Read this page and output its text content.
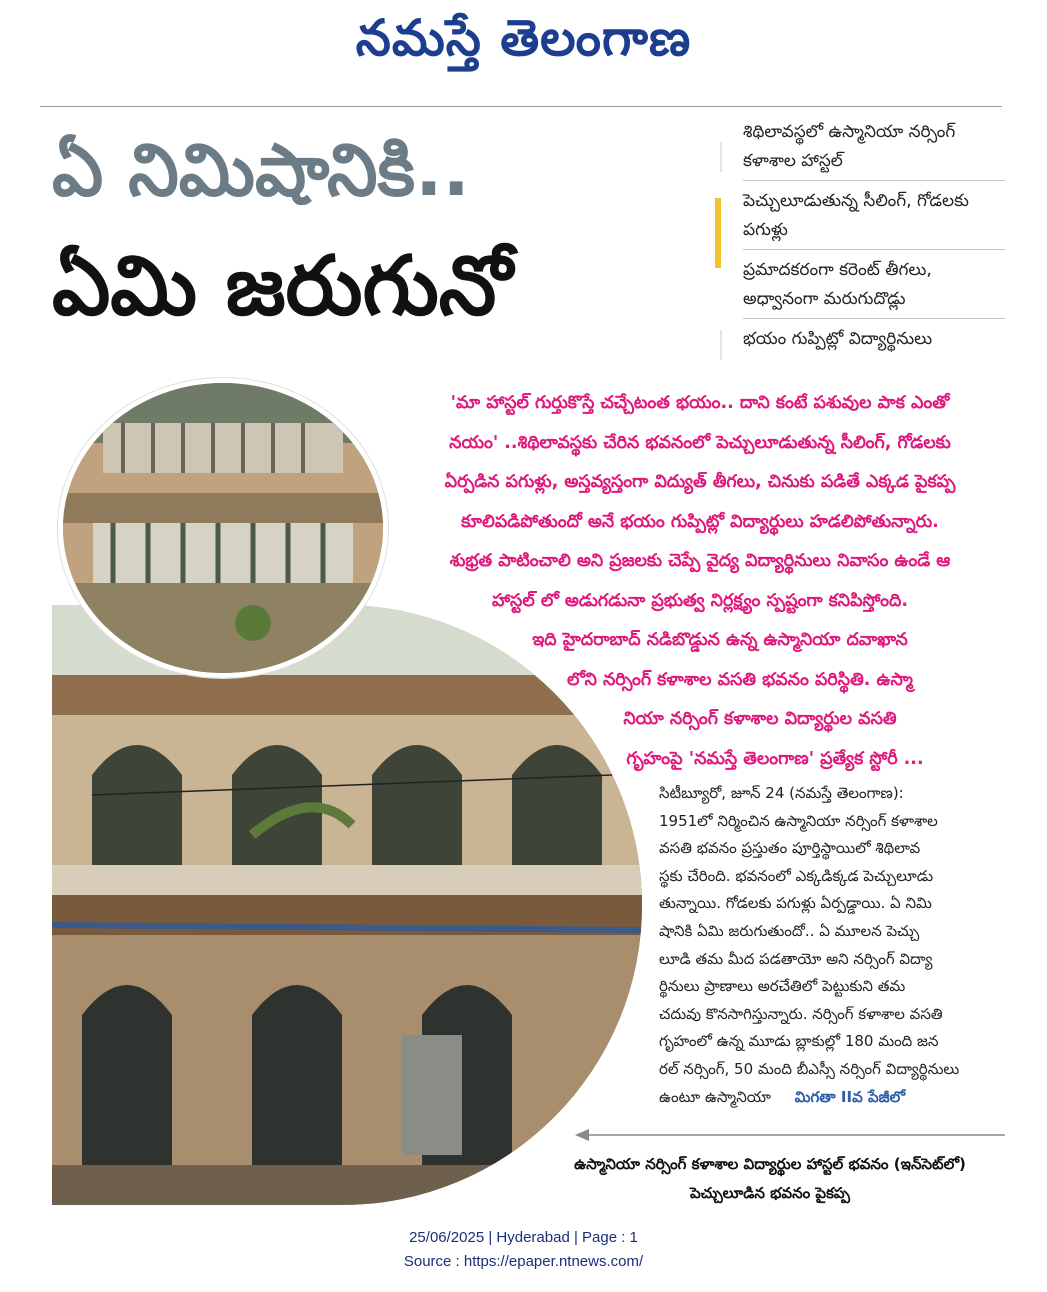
నమస్తే తెలంగాణ
ఏ నిమిషానికి..
ఏమి జరుగునో
శిథిలావస్థలో ఉస్మానియా నర్సింగ్ కళాశాల హాస్టల్
పెచ్చులూడుతున్న సీలింగ్, గోడలకు పగుళ్లు
ప్రమాదకరంగా కరెంట్ తీగలు, అధ్వానంగా మరుగుదొడ్లు
భయం గుప్పిట్లో విద్యార్థినులు
'మా హాస్టల్ గుర్తుకొస్తే చచ్చేటంత భయం.. దాని కంటే పశువుల పాక ఎంతో
నయం' ..శిథిలావస్థకు చేరిన భవనంలో పెచ్చులూడుతున్న సీలింగ్, గోడలకు
ఏర్పడిన పగుళ్లు, అస్తవ్యస్తంగా విద్యుత్ తీగలు, చినుకు పడితే ఎక్కడ పైకప్ప
కూలిపడిపోతుందో అనే భయం గుప్పిట్లో విద్యార్థులు హడలిపోతున్నారు.
శుభ్రత పాటించాలి అని ప్రజలకు చెప్పే వైద్య విద్యార్థినులు నివాసం ఉండే ఆ
హాస్టల్ లో అడుగడునా ప్రభుత్వ నిర్లక్ష్యం స్పష్టంగా కనిపిస్తోంది.
ఇది హైదరాబాద్ నడిబొడ్డున ఉన్న ఉస్మానియా దవాఖాన
లోని నర్సింగ్ కళాశాల వసతి భవనం పరిస్థితి. ఉస్మా
నియా నర్సింగ్ కళాశాల విద్యార్థుల వసతి
గృహంపై 'నమస్తే తెలంగాణ' ప్రత్యేక స్టోరీ ...
సిటీబ్యూరో, జూన్ 24 (నమస్తే తెలంగాణ):
1951లో నిర్మించిన ఉస్మానియా నర్సింగ్ కళాశాల
వసతి భవనం ప్రస్తుతం పూర్తిస్థాయిలో శిథిలావ
స్థకు చేరింది. భవనంలో ఎక్కడిక్కడ పెచ్చులూడు
తున్నాయి. గోడలకు పగుళ్లు ఏర్పడ్డాయి. ఏ నిమి
షానికి ఏమి జరుగుతుందో.. ఏ మూలన పెచ్చు
లూడి తమ మీద పడతాయో అని నర్సింగ్ విద్యా
ర్థినులు ప్రాణాలు అరచేతిలో పెట్టుకుని తమ
చదువు కొనసాగిస్తున్నారు. నర్సింగ్ కళాశాల వసతి
గృహంలో ఉన్న మూడు బ్లాకుల్లో 180 మంది జన
రల్ నర్సింగ్, 50 మంది బీఎస్సీ నర్సింగ్ విద్యార్థినులు
ఉంటూ ఉస్మానియా మిగతా IIవ పేజీలో
ఉస్మానియా నర్సింగ్ కళాశాల విద్యార్థుల హాస్టల్ భవనం (ఇన్‌సెట్‌లో)
పెచ్చులూడిన భవనం పైకప్ప
25/06/2025 | Hyderabad | Page : 1
Source : https://epaper.ntnews.com/
